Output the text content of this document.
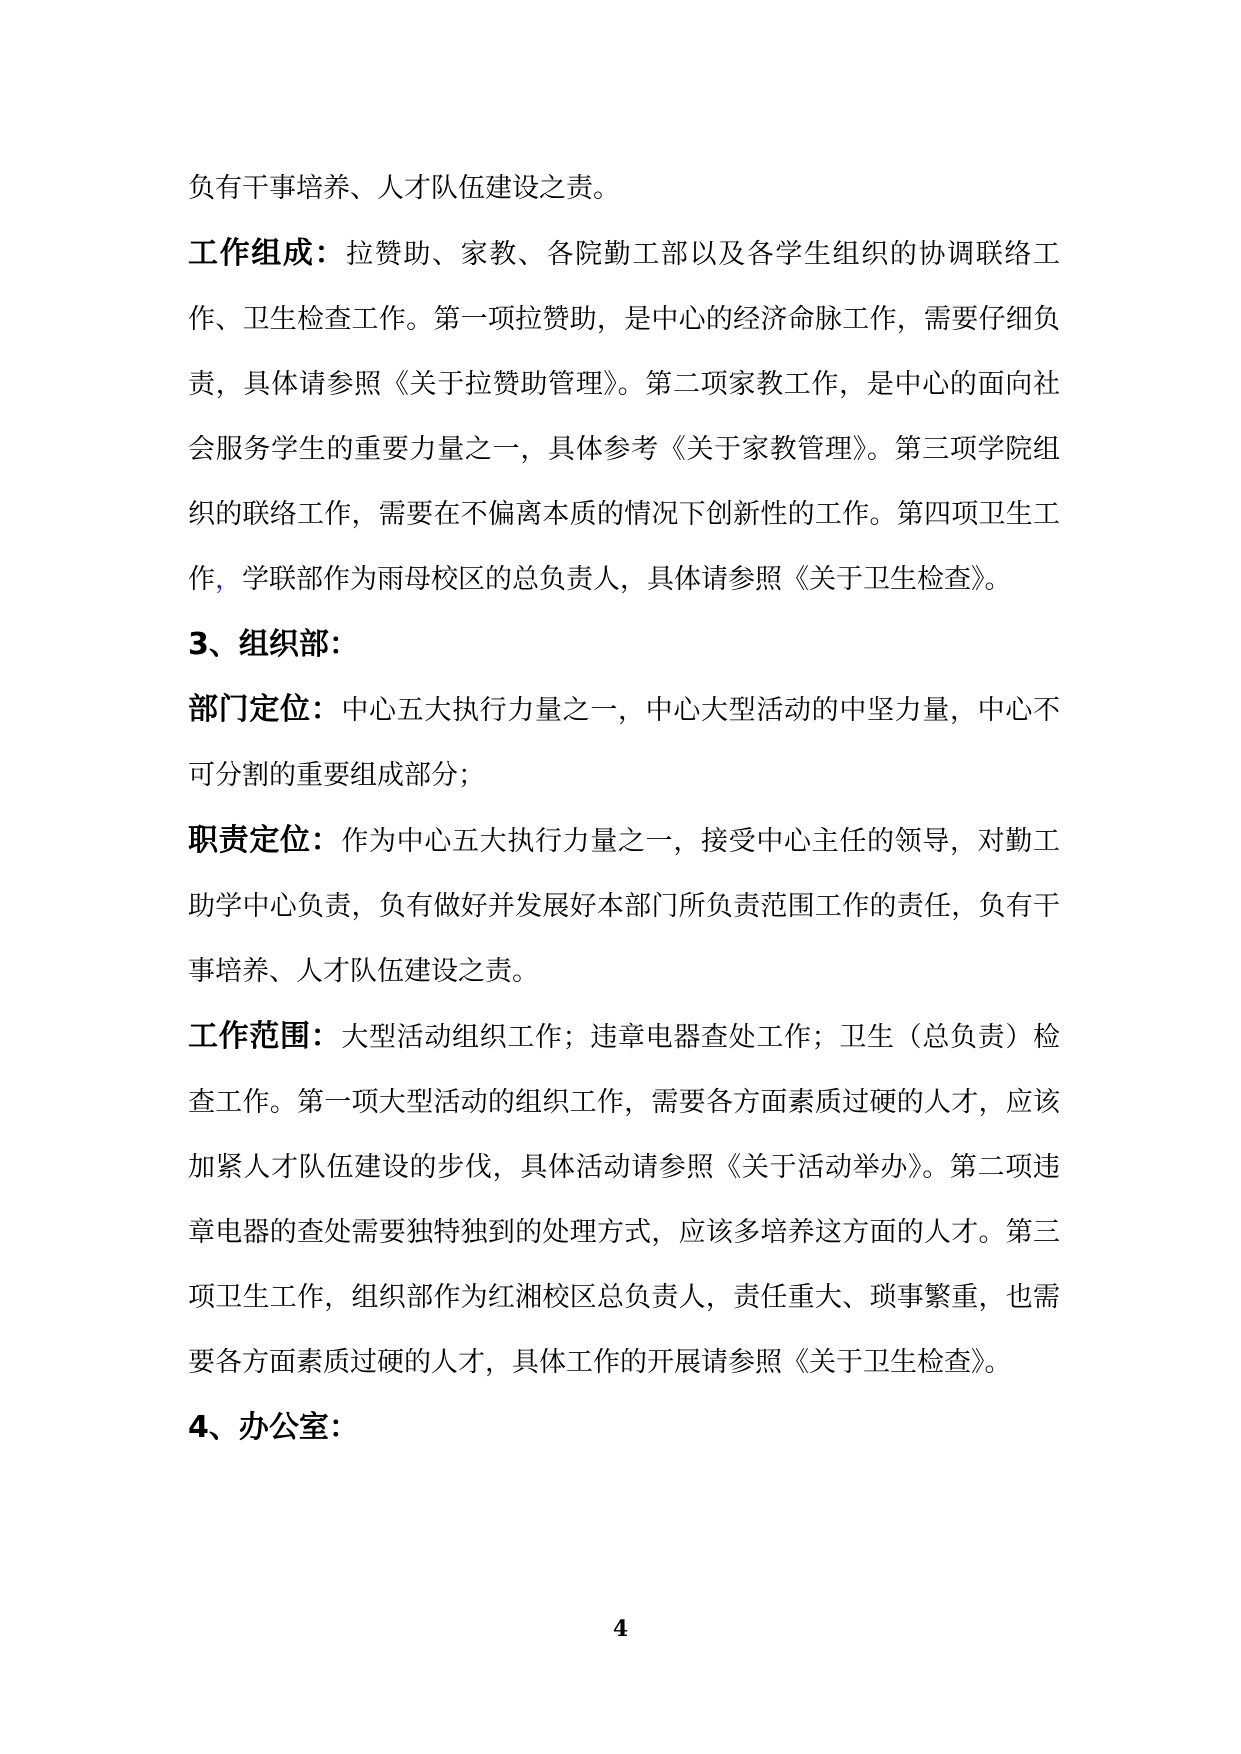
负有干事培养、人才队伍建设之责。

工作组成：拉赞助、家教、各院勤工部以及各学生组织的协调联络工作、卫生检查工作。第一项拉赞助，是中心的经济命脉工作，需要仔细负责，具体请参照《关于拉赞助管理》。第二项家教工作，是中心的面向社会服务学生的重要力量之一，具体参考《关于家教管理》。第三项学院组织的联络工作，需要在不偏离本质的情况下创新性的工作。第四项卫生工作，学联部作为雨母校区的总负责人，具体请参照《关于卫生检查》。

3、组织部：

部门定位：中心五大执行力量之一，中心大型活动的中坚力量，中心不可分割的重要组成部分；

职责定位：作为中心五大执行力量之一，接受中心主任的领导，对勤工助学中心负责，负有做好并发展好本部门所负责范围工作的责任，负有干事培养、人才队伍建设之责。

工作范围：大型活动组织工作；违章电器查处工作；卫生（总负责）检查工作。第一项大型活动的组织工作，需要各方面素质过硬的人才，应该加紧人才队伍建设的步伐，具体活动请参照《关于活动举办》。第二项违章电器的查处需要独特独到的处理方式，应该多培养这方面的人才。第三项卫生工作，组织部作为红湘校区总负责人，责任重大、琐事繁重，也需要各方面素质过硬的人才，具体工作的开展请参照《关于卫生检查》。

4、办公室：

4
